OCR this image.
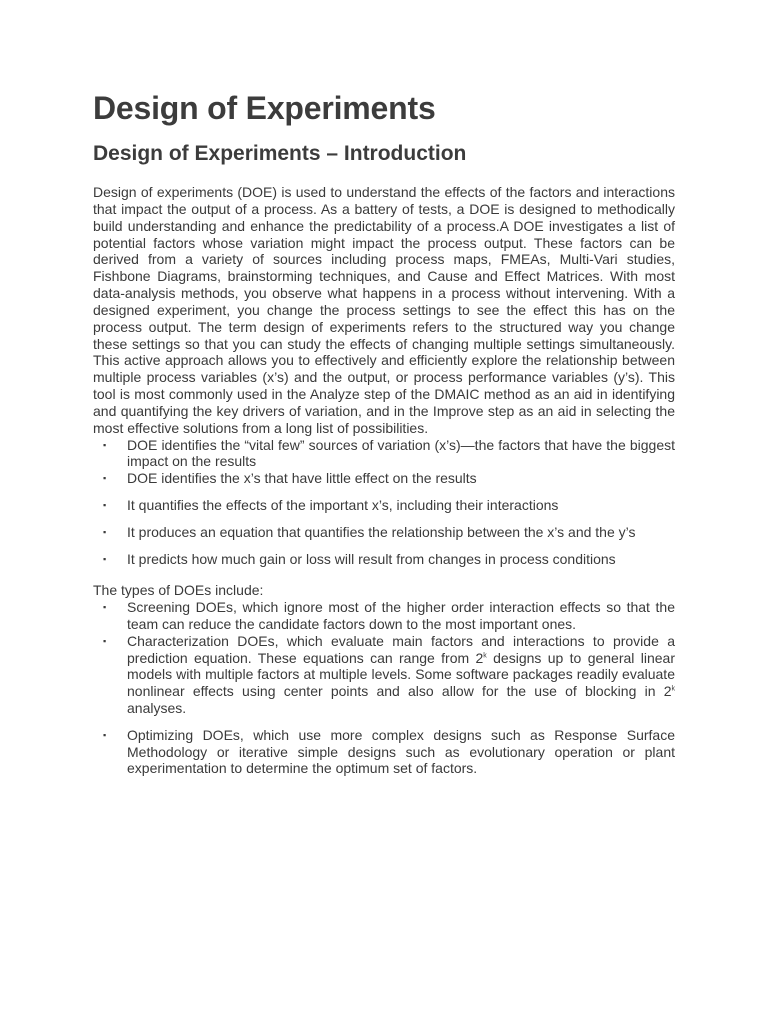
Design of Experiments
Design of Experiments – Introduction

Design of experiments (DOE) is used to understand the effects of the factors and interactions that impact the output of a process. As a battery of tests, a DOE is designed to methodically build understanding and enhance the predictability of a process.A DOE investigates a list of potential factors whose variation might impact the process output. These factors can be derived from a variety of sources including process maps, FMEAs, Multi-Vari studies, Fishbone Diagrams, brainstorming techniques, and Cause and Effect Matrices. With most data-analysis methods, you observe what happens in a process without intervening. With a designed experiment, you change the process settings to see the effect this has on the process output. The term design of experiments refers to the structured way you change these settings so that you can study the effects of changing multiple settings simultaneously. This active approach allows you to effectively and efficiently explore the relationship between multiple process variables (x’s) and the output, or process performance variables (y’s). This tool is most commonly used in the Analyze step of the DMAIC method as an aid in identifying and quantifying the key drivers of variation, and in the Improve step as an aid in selecting the most effective solutions from a long list of possibilities.

▪ DOE identifies the “vital few” sources of variation (x’s)—the factors that have the biggest impact on the results
▪ DOE identifies the x’s that have little effect on the results
▪ It quantifies the effects of the important x’s, including their interactions
▪ It produces an equation that quantifies the relationship between the x’s and the y’s
▪ It predicts how much gain or loss will result from changes in process conditions

The types of DOEs include:

▪ Screening DOEs, which ignore most of the higher order interaction effects so that the team can reduce the candidate factors down to the most important ones.
▪ Characterization DOEs, which evaluate main factors and interactions to provide a prediction equation. These equations can range from 2$^k$ designs up to general linear models with multiple factors at multiple levels. Some software packages readily evaluate nonlinear effects using center points and also allow for the use of blocking in 2$^k$ analyses.
▪ Optimizing DOEs, which use more complex designs such as Response Surface Methodology or iterative simple designs such as evolutionary operation or plant experimentation to determine the optimum set of factors.
